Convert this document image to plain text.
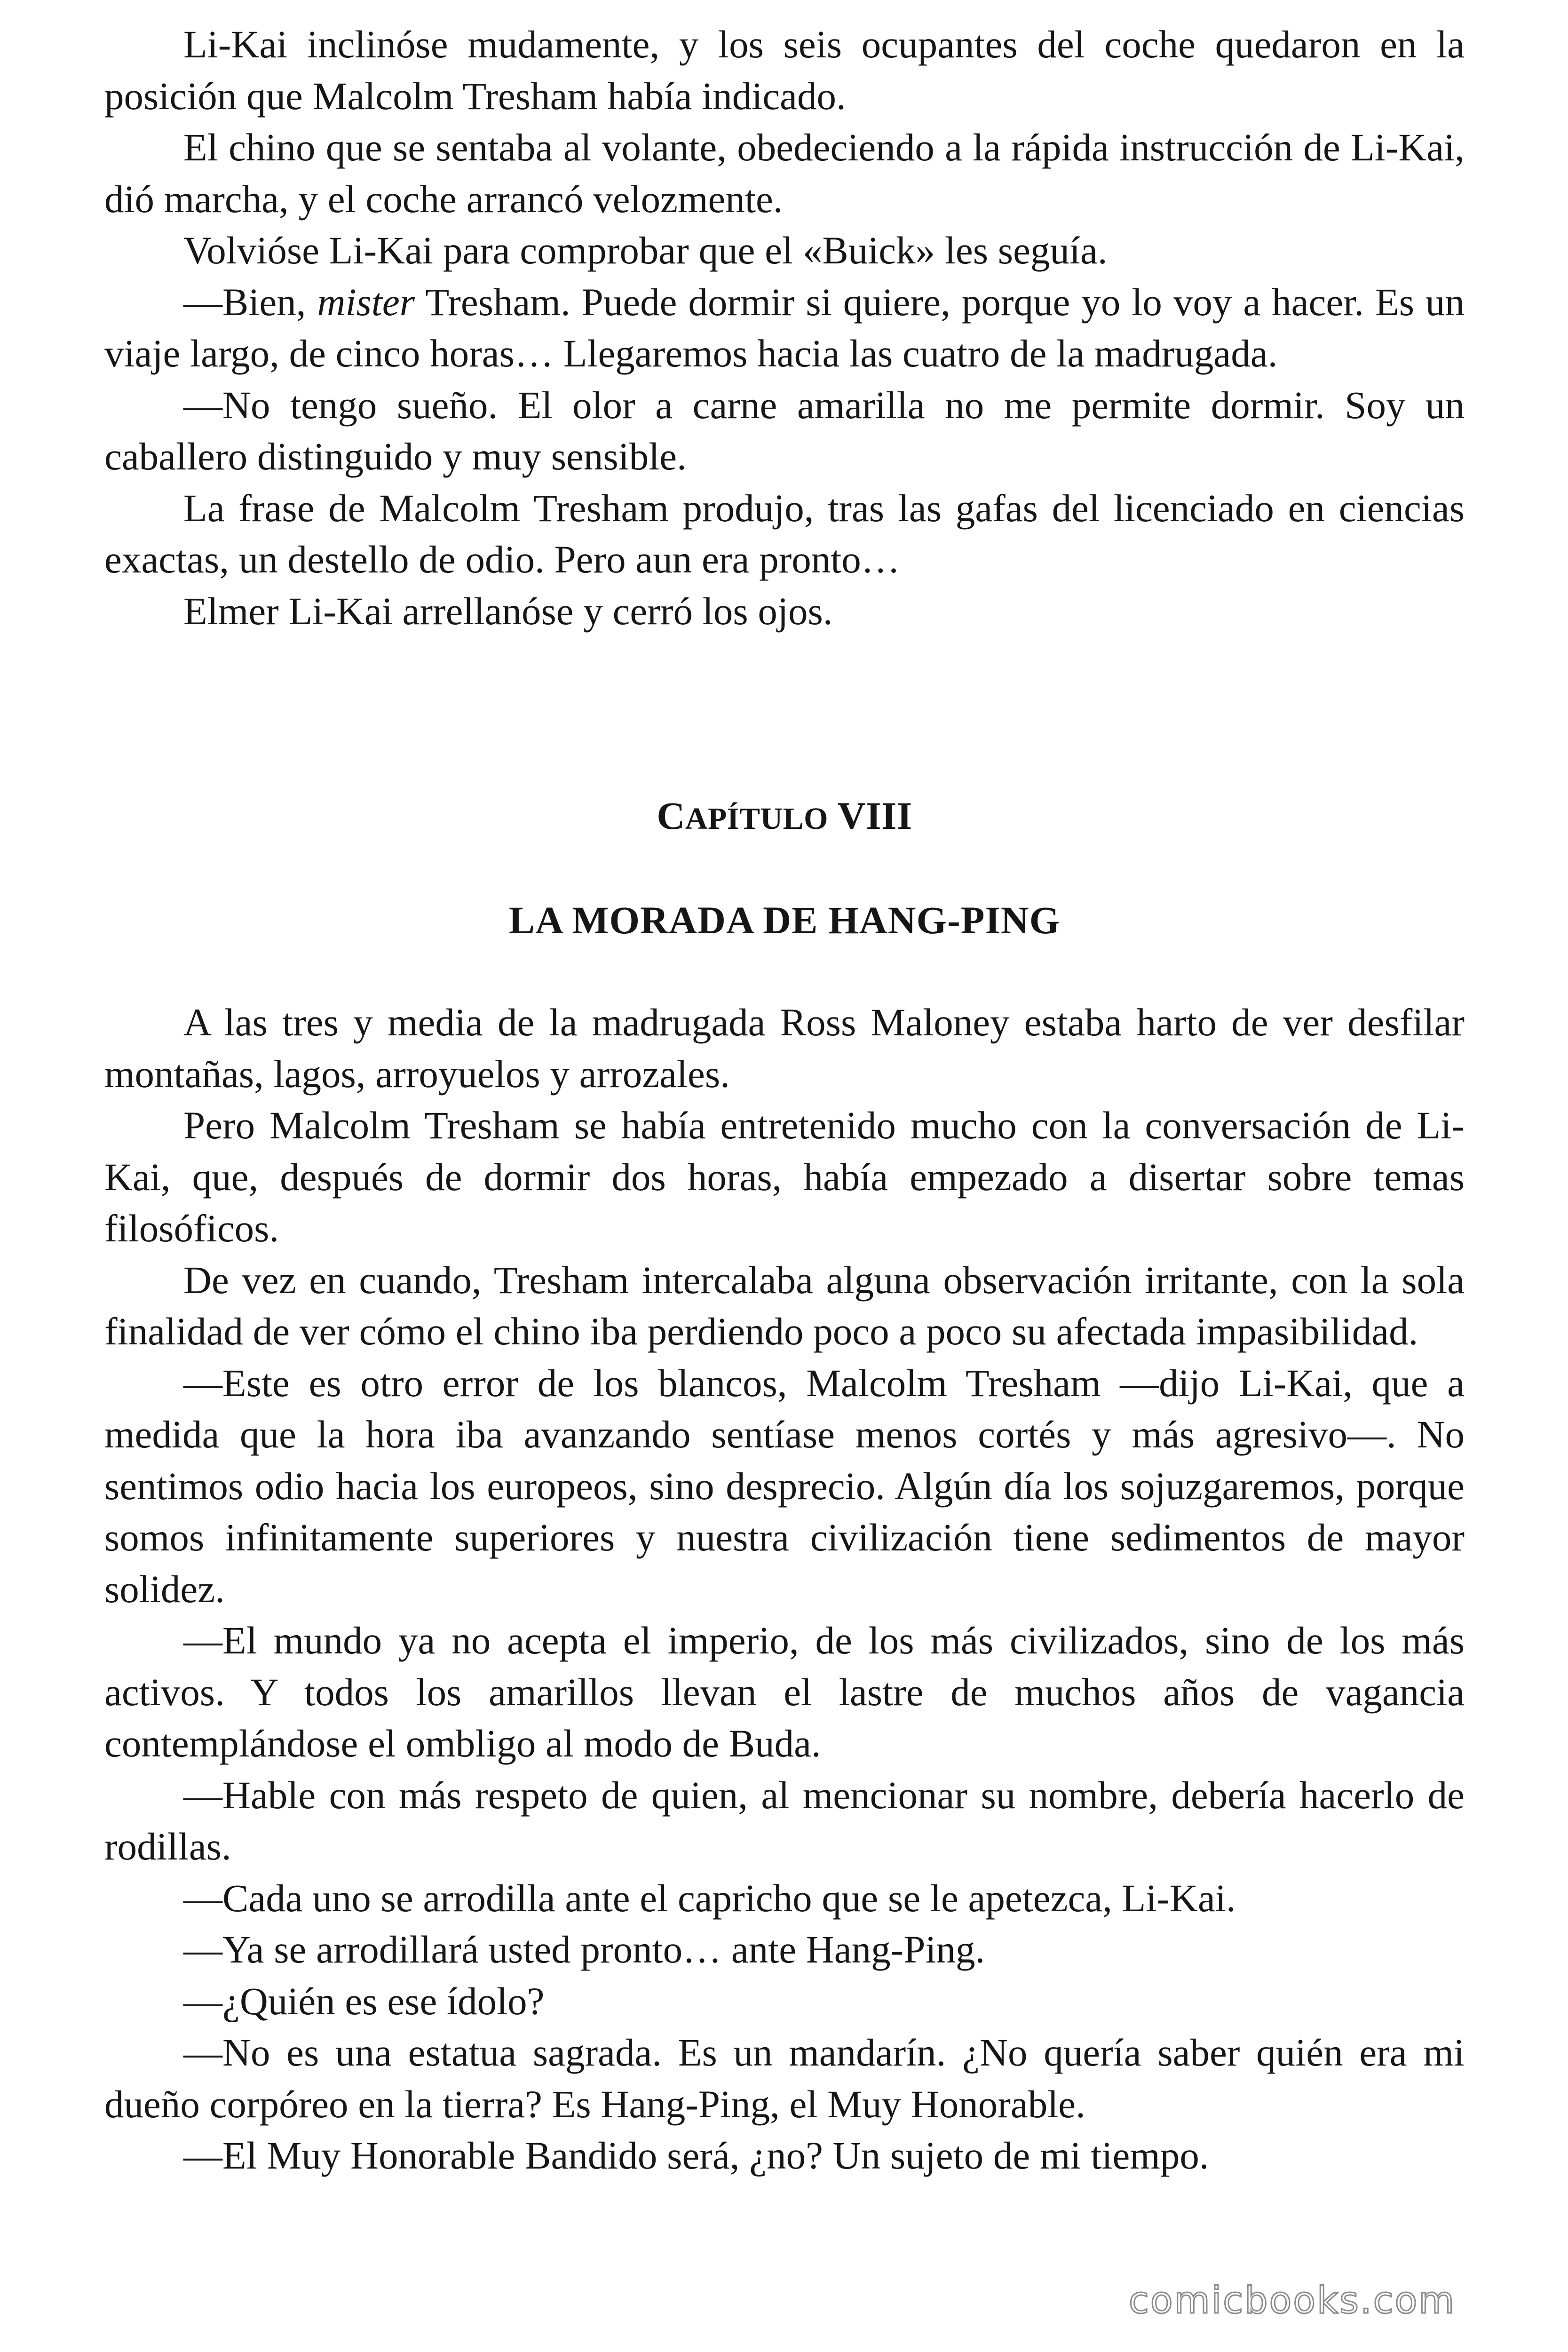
Li-Kai inclinóse mudamente, y los seis ocupantes del coche quedaron en la posición que Malcolm Tresham había indicado.

El chino que se sentaba al volante, obedeciendo a la rápida instrucción de Li-Kai, dió marcha, y el coche arrancó velozmente.

Volvióse Li-Kai para comprobar que el «Buick» les seguía.

—Bien, mister Tresham. Puede dormir si quiere, porque yo lo voy a hacer. Es un viaje largo, de cinco horas… Llegaremos hacia las cuatro de la madrugada.

—No tengo sueño. El olor a carne amarilla no me permite dormir. Soy un caballero distinguido y muy sensible.

La frase de Malcolm Tresham produjo, tras las gafas del licenciado en ciencias exactas, un destello de odio. Pero aun era pronto…

Elmer Li-Kai arrellanóse y cerró los ojos.

CAPÍTULO VIII
LA MORADA DE HANG-PING

A las tres y media de la madrugada Ross Maloney estaba harto de ver desfilar montañas, lagos, arroyuelos y arrozales.

Pero Malcolm Tresham se había entretenido mucho con la conversación de Li-Kai, que, después de dormir dos horas, había empezado a disertar sobre temas filosóficos.

De vez en cuando, Tresham intercalaba alguna observación irritante, con la sola finalidad de ver cómo el chino iba perdiendo poco a poco su afectada impasibilidad.

—Este es otro error de los blancos, Malcolm Tresham —dijo Li-Kai, que a medida que la hora iba avanzando sentíase menos cortés y más agresivo—. No sentimos odio hacia los europeos, sino desprecio. Algún día los sojuzgaremos, porque somos infinitamente superiores y nuestra civilización tiene sedimentos de mayor solidez.

—El mundo ya no acepta el imperio, de los más civilizados, sino de los más activos. Y todos los amarillos llevan el lastre de muchos años de vagancia contemplándose el ombligo al modo de Buda.

—Hable con más respeto de quien, al mencionar su nombre, debería hacerlo de rodillas.

—Cada uno se arrodilla ante el capricho que se le apetezca, Li-Kai.

—Ya se arrodillará usted pronto… ante Hang-Ping.

—¿Quién es ese ídolo?

—No es una estatua sagrada. Es un mandarín. ¿No quería saber quién era mi dueño corpóreo en la tierra? Es Hang-Ping, el Muy Honorable.

—El Muy Honorable Bandido será, ¿no? Un sujeto de mi tiempo.

comicbooks.com
